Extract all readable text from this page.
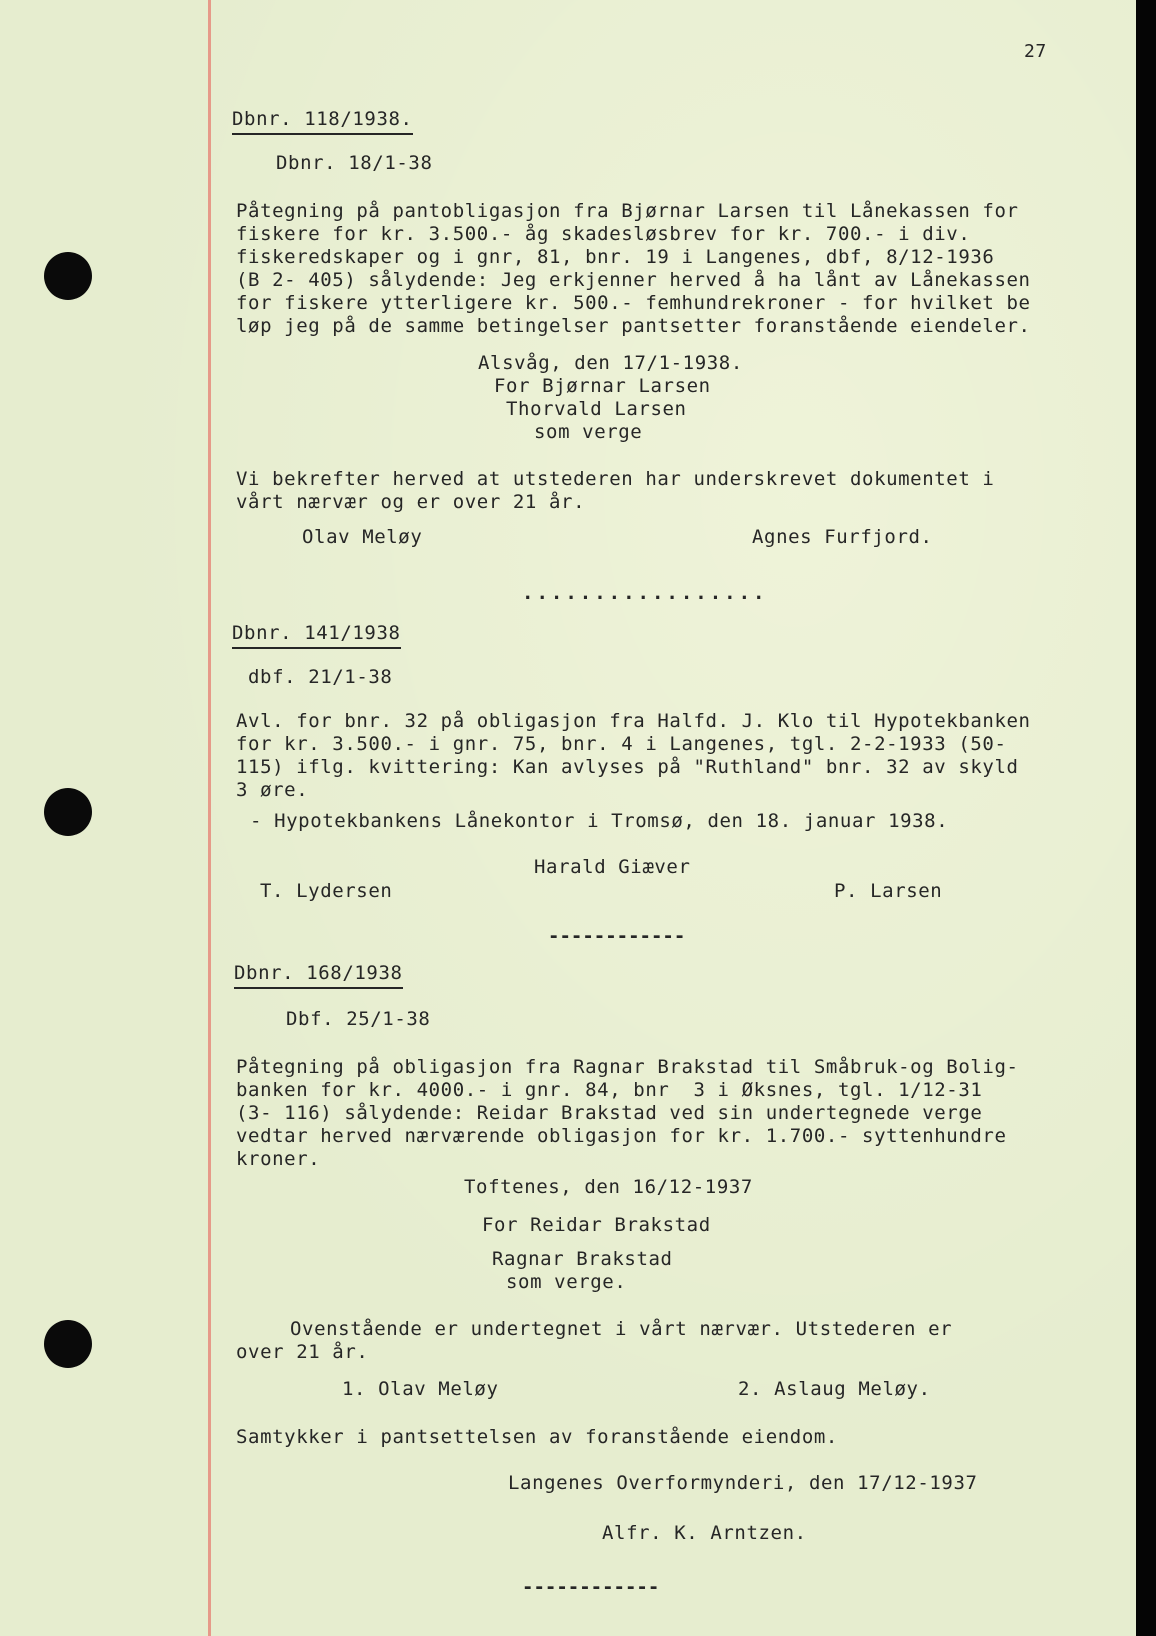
27

Dbnr. 118/1938.

Dbnr. 18/1-38

Påtegning på pantobligasjon fra Bjørnar Larsen til Lånekassen for

fiskere for kr. 3.500.- åg skadesløsbrev for kr. 700.- i div.

fiskeredskaper og i gnr, 81, bnr. 19 i Langenes, dbf, 8/12-1936

(B 2- 405) sålydende: Jeg erkjenner herved å ha lånt av Lånekassen

for fiskere ytterligere kr. 500.- femhundrekroner - for hvilket be

løp jeg på de samme betingelser pantsetter foranstående eiendeler.

Alsvåg, den 17/1-1938.

For Bjørnar Larsen

Thorvald Larsen

som verge

Vi bekrefter herved at utstederen har underskrevet dokumentet i

vårt nærvær og er over 21 år.

Olav Meløy	Agnes Furfjord.

.................

Dbnr. 141/1938

dbf. 21/1-38

Avl. for bnr. 32 på obligasjon fra Halfd. J. Klo til Hypotekbanken

for kr. 3.500.- i gnr. 75, bnr. 4 i Langenes, tgl. 2-2-1933 (50-

115) iflg. kvittering: Kan avlyses på "Ruthland" bnr. 32 av skyld

3 øre.

- Hypotekbankens Lånekontor i Tromsø, den 18. januar 1938.

Harald Giæver

T. Lydersen	P. Larsen

------------

Dbnr. 168/1938

Dbf. 25/1-38

Påtegning på obligasjon fra Ragnar Brakstad til Småbruk-og Bolig-

banken for kr. 4000.- i gnr. 84, bnr  3 i Øksnes, tgl. 1/12-31

(3- 116) sålydende: Reidar Brakstad ved sin undertegnede verge

vedtar herved nærværende obligasjon for kr. 1.700.- syttenhundre

kroner.

Toftenes, den 16/12-1937

For Reidar Brakstad

Ragnar Brakstad

som verge.

Ovenstående er undertegnet i vårt nærvær. Utstederen er

over 21 år.

1. Olav Meløy	2. Aslaug Meløy.

Samtykker i pantsettelsen av foranstående eiendom.

Langenes Overformynderi, den 17/12-1937

Alfr. K. Arntzen.

------------
